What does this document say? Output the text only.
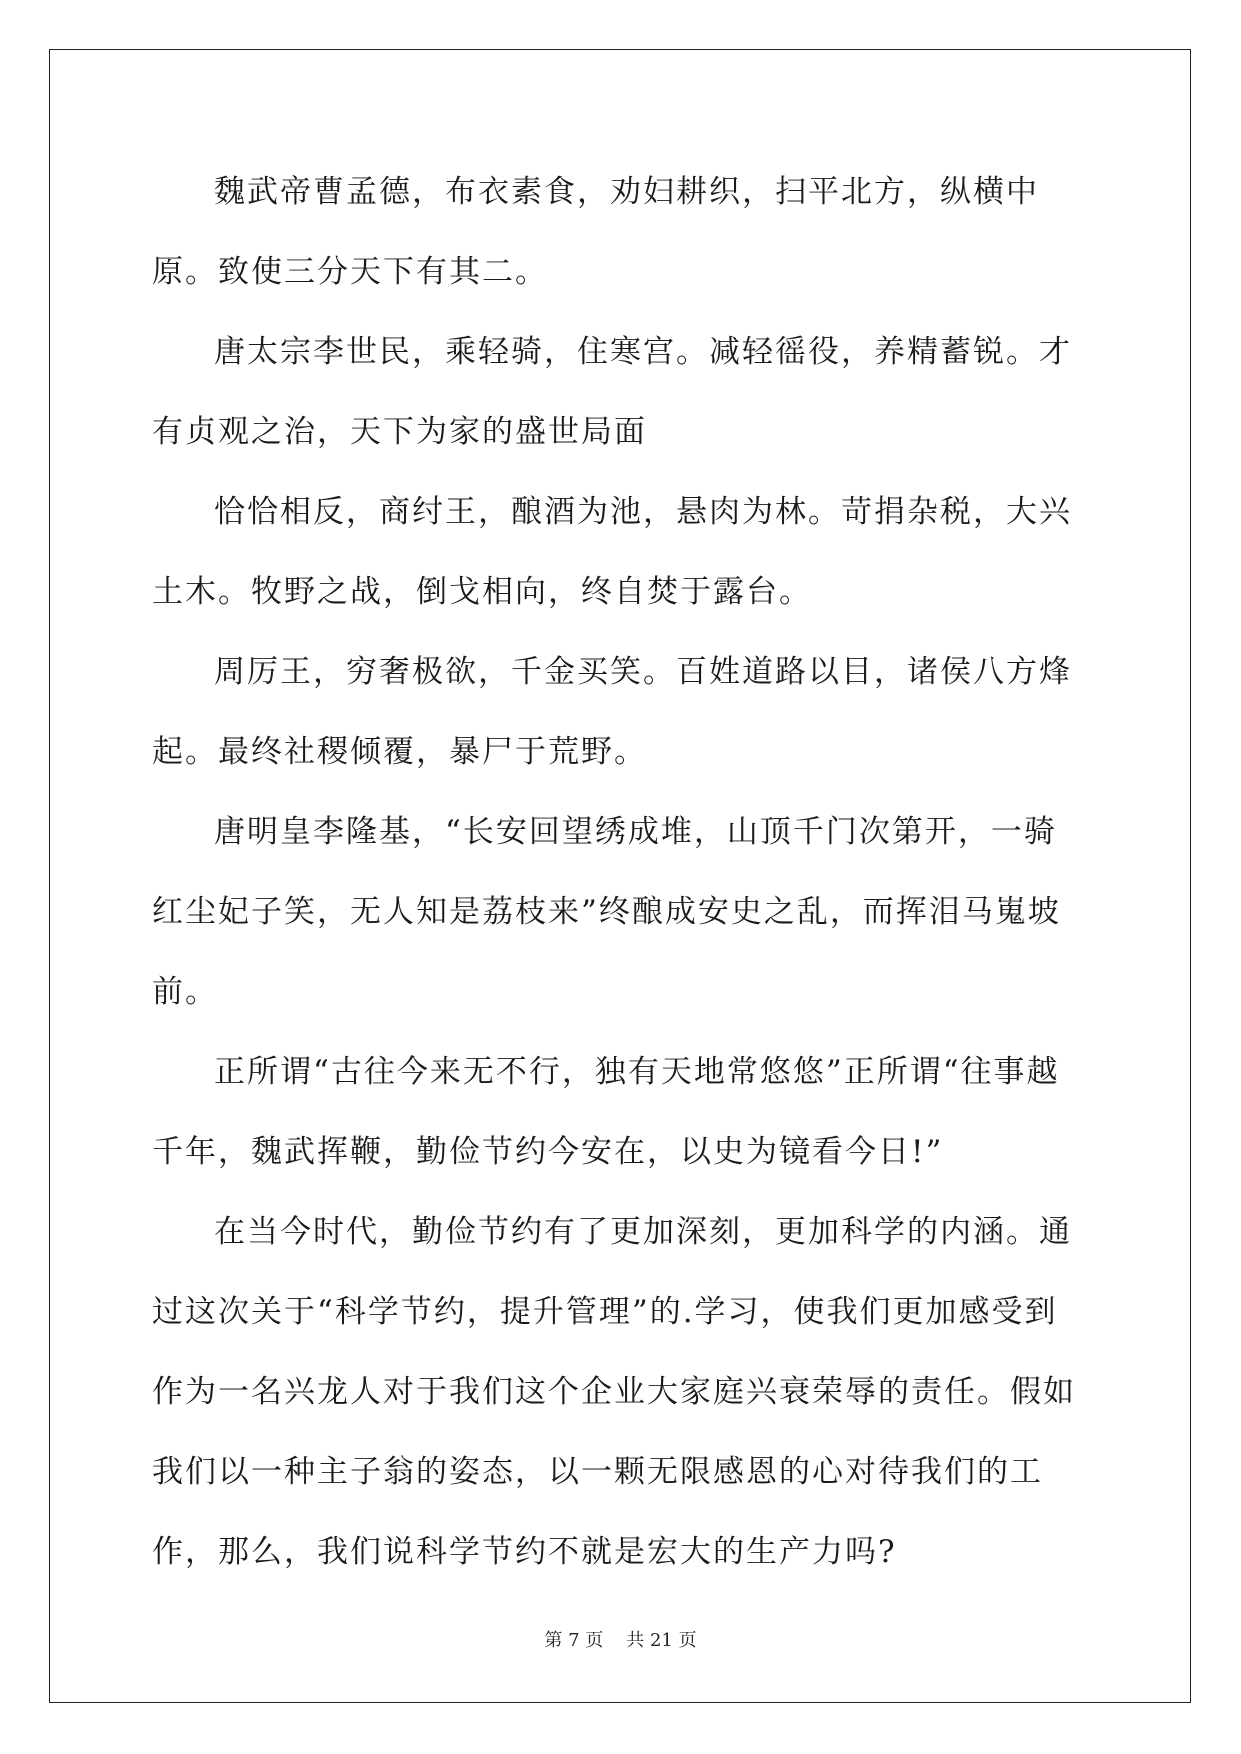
魏武帝曹孟德，布衣素食，劝妇耕织，扫平北方，纵横中原。致使三分天下有其二。

唐太宗李世民，乘轻骑，住寒宫。减轻徭役，养精蓄锐。才有贞观之治，天下为家的盛世局面

恰恰相反，商纣王，酿酒为池，悬肉为林。苛捐杂税，大兴土木。牧野之战，倒戈相向，终自焚于露台。

周厉王，穷奢极欲，千金买笑。百姓道路以目，诸侯八方烽起。最终社稷倾覆，暴尸于荒野。

唐明皇李隆基，“长安回望绣成堆，山顶千门次第开，一骑红尘妃子笑，无人知是荔枝来”终酿成安史之乱，而挥泪马嵬坡前。

正所谓“古往今来无不行，独有天地常悠悠”正所谓“往事越千年，魏武挥鞭，勤俭节约今安在，以史为镜看今日!”

在当今时代，勤俭节约有了更加深刻，更加科学的内涵。通过这次关于“科学节约，提升管理”的.学习，使我们更加感受到作为一名兴龙人对于我们这个企业大家庭兴衰荣辱的责任。假如我们以一种主子翁的姿态，以一颗无限感恩的心对待我们的工作，那么，我们说科学节约不就是宏大的生产力吗?

第 7 页 共 21 页
